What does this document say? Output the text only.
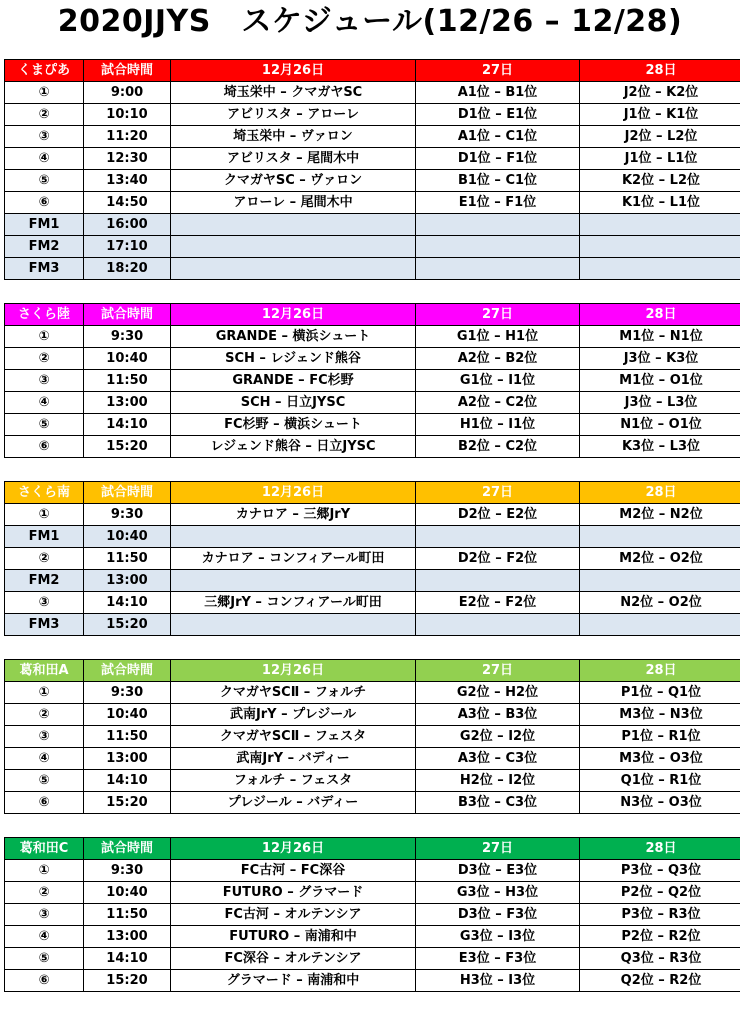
2020JJYS　スケジュール(12/26 – 12/28)
くまぴあ	試合時間	12月26日	27日	28日
①	9:00	埼玉栄中 – クマガヤSC	A1位 – B1位	J2位 – K2位
②	10:10	アビリスタ – アローレ	D1位 – E1位	J1位 – K1位
③	11:20	埼玉栄中 – ヴァロン	A1位 – C1位	J2位 – L2位
④	12:30	アビリスタ – 尾間木中	D1位 – F1位	J1位 – L1位
⑤	13:40	クマガヤSC – ヴァロン	B1位 – C1位	K2位 – L2位
⑥	14:50	アローレ – 尾間木中	E1位 – F1位	K1位 – L1位
FM1	16:00			
FM2	17:10			
FM3	18:20			
さくら陸	試合時間	12月26日	27日	28日
①	9:30	GRANDE – 横浜シュート	G1位 – H1位	M1位 – N1位
②	10:40	SCH – レジェンド熊谷	A2位 – B2位	J3位 – K3位
③	11:50	GRANDE – FC杉野	G1位 – I1位	M1位 – O1位
④	13:00	SCH – 日立JYSC	A2位 – C2位	J3位 – L3位
⑤	14:10	FC杉野 – 横浜シュート	H1位 – I1位	N1位 – O1位
⑥	15:20	レジェンド熊谷 – 日立JYSC	B2位 – C2位	K3位 – L3位
さくら南	試合時間	12月26日	27日	28日
①	9:30	カナロア – 三郷JrY	D2位 – E2位	M2位 – N2位
FM1	10:40			
②	11:50	カナロア – コンフィアール町田	D2位 – F2位	M2位 – O2位
FM2	13:00			
③	14:10	三郷JrY – コンフィアール町田	E2位 – F2位	N2位 – O2位
FM3	15:20			
葛和田A	試合時間	12月26日	27日	28日
①	9:30	クマガヤSCⅡ – フォルチ	G2位 – H2位	P1位 – Q1位
②	10:40	武南JrY – プレジール	A3位 – B3位	M3位 – N3位
③	11:50	クマガヤSCⅡ – フェスタ	G2位 – I2位	P1位 – R1位
④	13:00	武南JrY – バディー	A3位 – C3位	M3位 – O3位
⑤	14:10	フォルチ – フェスタ	H2位 – I2位	Q1位 – R1位
⑥	15:20	プレジール – バディー	B3位 – C3位	N3位 – O3位
葛和田C	試合時間	12月26日	27日	28日
①	9:30	FC古河 – FC深谷	D3位 – E3位	P3位 – Q3位
②	10:40	FUTURO – グラマード	G3位 – H3位	P2位 – Q2位
③	11:50	FC古河 – オルテンシア	D3位 – F3位	P3位 – R3位
④	13:00	FUTURO – 南浦和中	G3位 – I3位	P2位 – R2位
⑤	14:10	FC深谷 – オルテンシア	E3位 – F3位	Q3位 – R3位
⑥	15:20	グラマード – 南浦和中	H3位 – I3位	Q2位 – R2位
